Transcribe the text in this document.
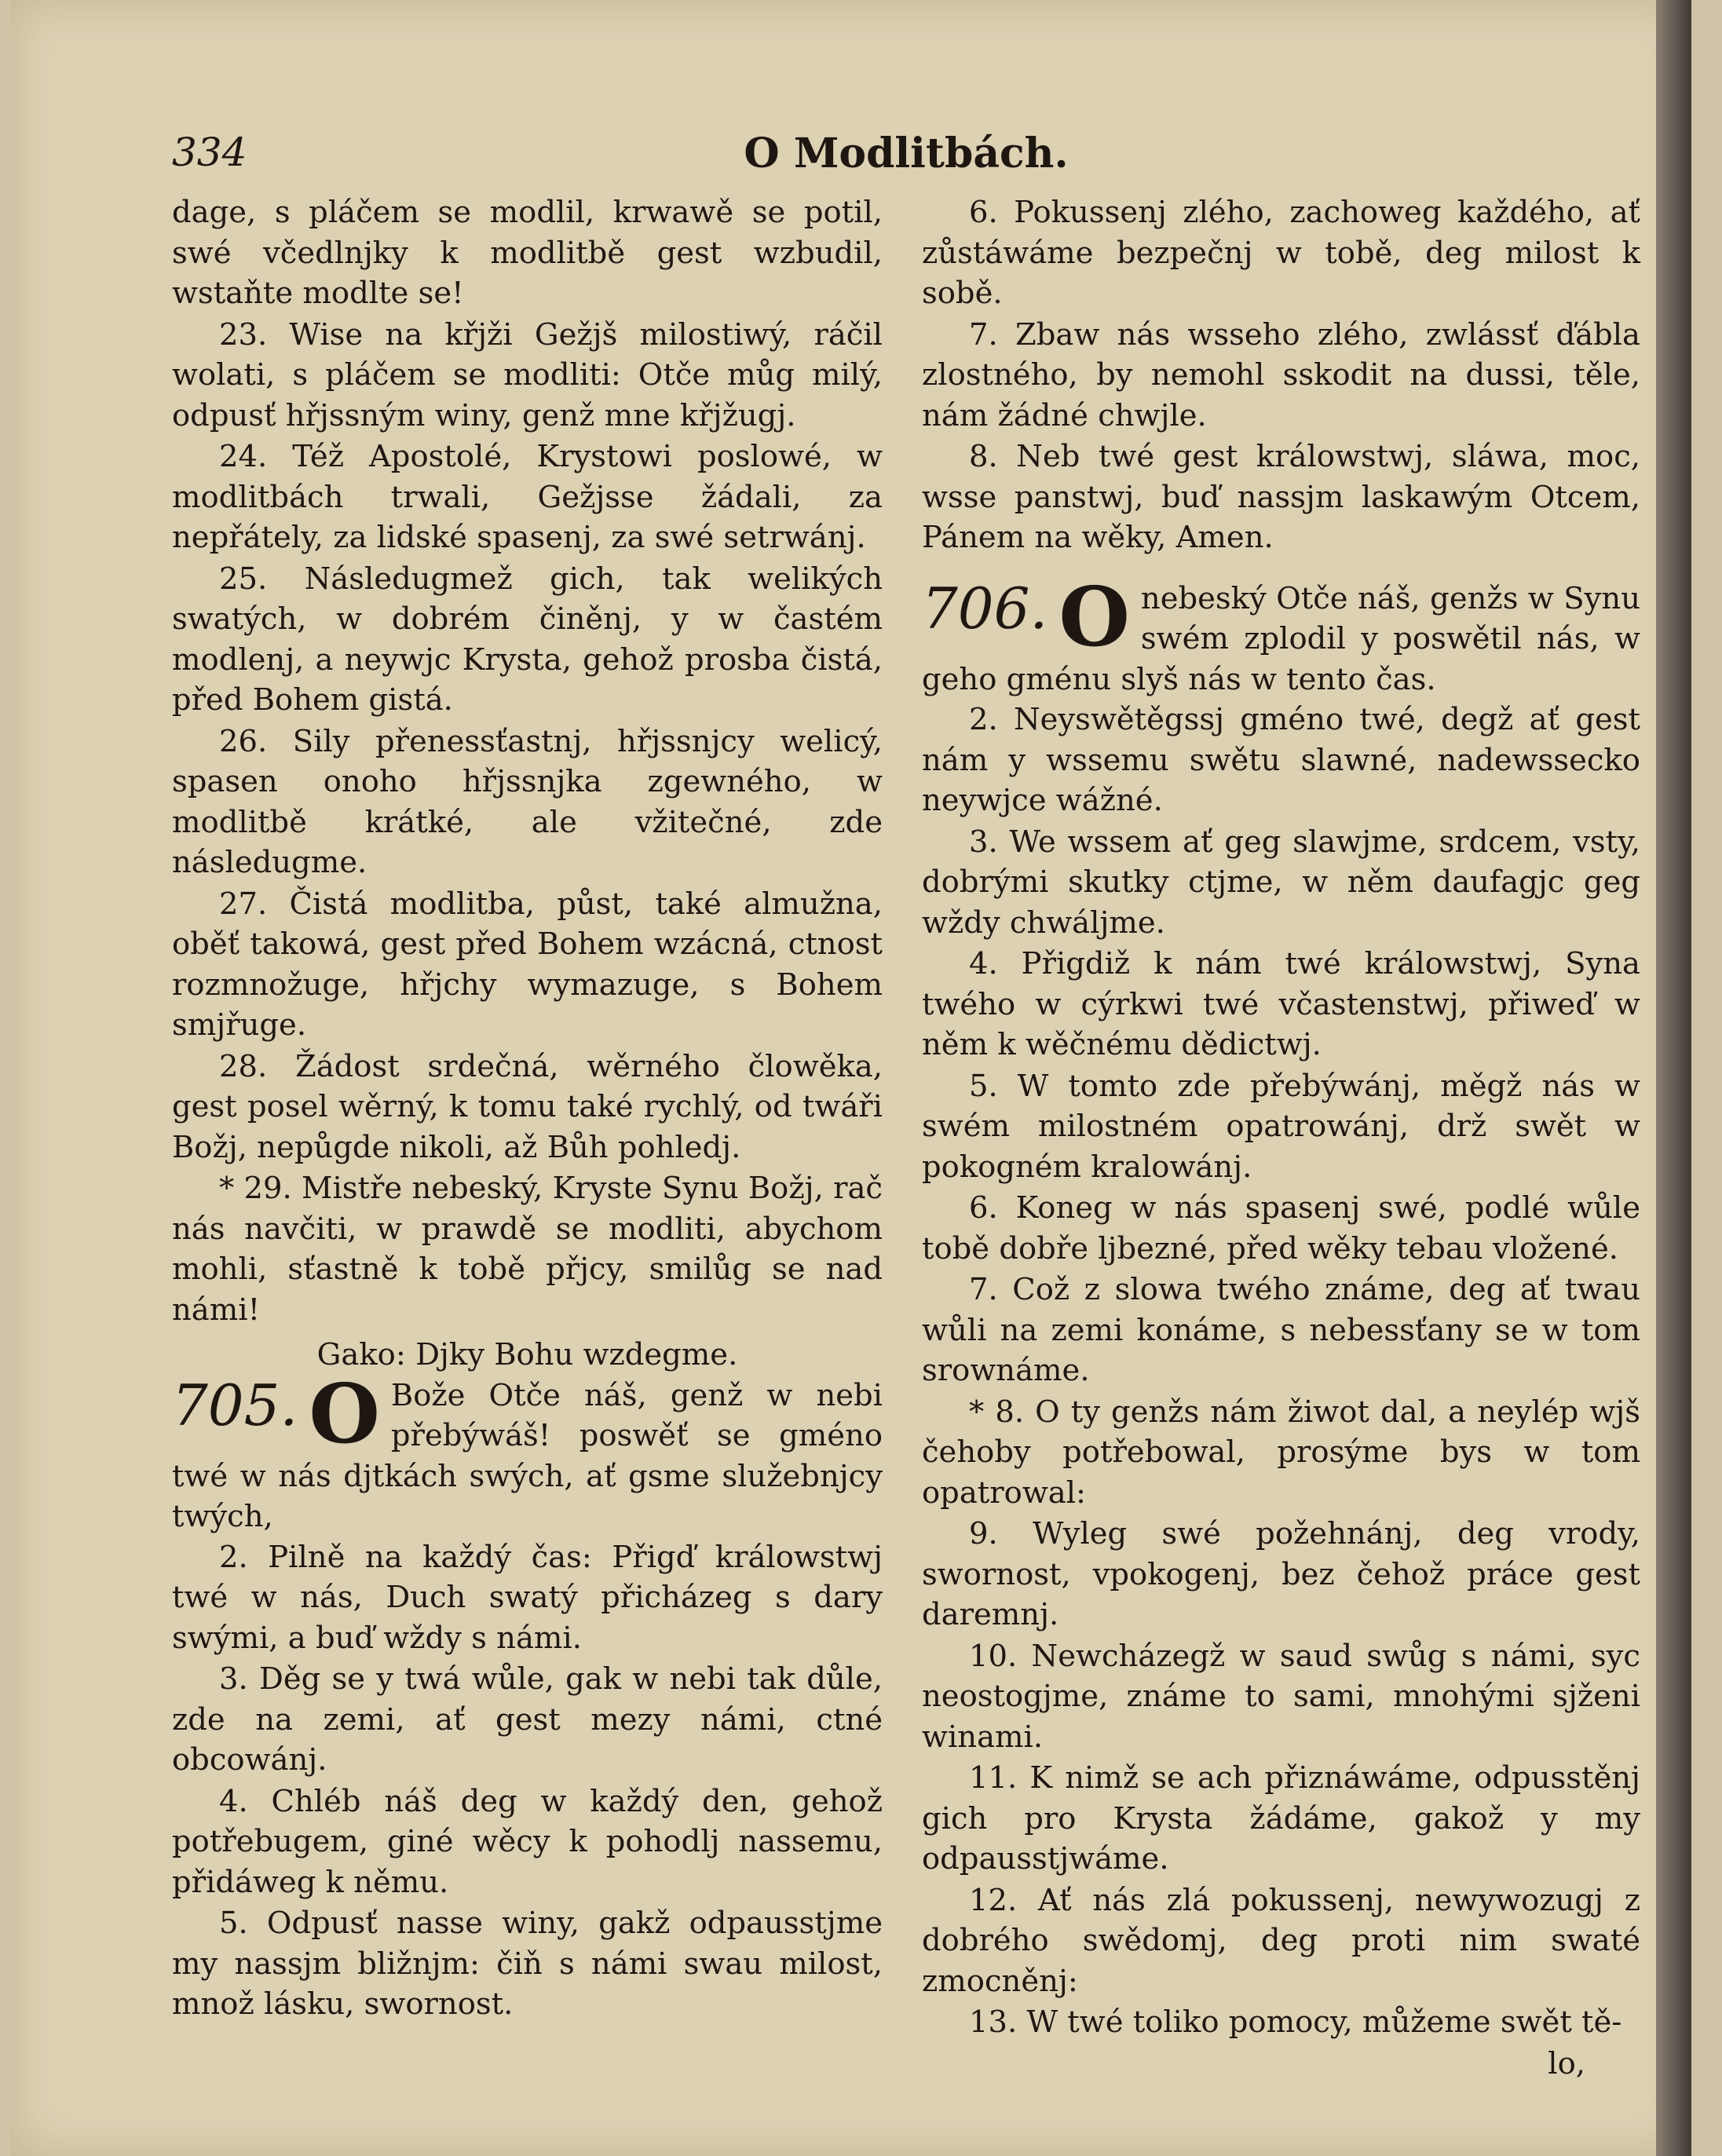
334	O Modlitbách.

dage, s pláčem se modlil, krwawě se potil, swé včedlnjky k modlitbě gest wzbudil, wstaňte modlte se!

23. Wise na křjži Gežjš milostiwý, ráčil wolati, s pláčem se modliti: Otče můg milý, odpusť hřjssným winy, genž mne křjžugj.

24. Též Apostolé, Krystowi poslowé, w modlitbách trwali, Gežjsse žádali, za nepřátely, za lidské spasenj, za swé setrwánj.

25. Následugmež gich, tak welikých swatých, w dobrém činěnj, y w častém modlenj, a neywjc Krysta, gehož prosba čistá, před Bohem gistá.

26. Sily přenessťastnj, hřjssnjcy welicý, spasen onoho hřjssnjka zgewného, w modlitbě krátké, ale vžitečné, zde následugme.

27. Čistá modlitba, půst, také almužna, oběť takowá, gest před Bohem wzácná, ctnost rozmnožuge, hřjchy wymazuge, s Bohem smjřuge.

28. Žádost srdečná, wěrného člowěka, gest posel wěrný, k tomu také rychlý, od twáři Božj, nepůgde nikoli, až Bůh pohledj.

* 29. Mistře nebeský, Kryste Synu Božj, rač nás navčiti, w prawdě se modliti, abychom mohli, sťastně k tobě přjcy, smilůg se nad námi!

Gako: Djky Bohu wzdegme.

705. O Bože Otče náš, genž w nebi přebýwáš! poswěť se gméno twé w nás djtkách swých, ať gsme služebnjcy twých,

2. Pilně na každý čas: Přigď králowstwj twé w nás, Duch swatý přicházeg s dary swými, a buď wždy s námi.

3. Děg se y twá wůle, gak w nebi tak důle, zde na zemi, ať gest mezy námi, ctné obcowánj.

4. Chléb náš deg w každý den, gehož potřebugem, giné wěcy k pohodlj nassemu, přidáweg k němu.

5. Odpusť nasse winy, gakž odpausstjme my nassjm bližnjm: čiň s námi swau milost, množ lásku, swornost.

6. Pokussenj zlého, zachoweg každého, ať zůstáwáme bezpečnj w tobě, deg milost k sobě.

7. Zbaw nás wsseho zlého, zwlássť ďábla zlostného, by nemohl sskodit na dussi, těle, nám žádné chwjle.

8. Neb twé gest králowstwj, sláwa, moc, wsse panstwj, buď nassjm laskawým Otcem, Pánem na wěky, Amen.

706. O nebeský Otče náš, genžs w Synu swém zplodil y poswětil nás, w geho gménu slyš nás w tento čas.

2. Neyswětěgssj gméno twé, degž ať gest nám y wssemu swětu slawné, nadewssecko neywjce wážné.

3. We wssem ať geg slawjme, srdcem, vsty, dobrými skutky ctjme, w něm daufagjc geg wždy chwáljme.

4. Přigdiž k nám twé králowstwj, Syna twého w cýrkwi twé včastenstwj, přiweď w něm k wěčnému dědictwj.

5. W tomto zde přebýwánj, měgž nás w swém milostném opatrowánj, drž swět w pokogném kralowánj.

6. Koneg w nás spasenj swé, podlé wůle tobě dobře ljbezné, před wěky tebau vložené.

7. Což z slowa twého známe, deg ať twau wůli na zemi konáme, s nebessťany se w tom srownáme.

* 8. O ty genžs nám žiwot dal, a neylép wjš čehoby potřebowal, prosýme bys w tom opatrowal:

9. Wyleg swé požehnánj, deg vrody, swornost, vpokogenj, bez čehož práce gest daremnj.

10. Newcházegž w saud swůg s námi, syc neostogjme, známe to sami, mnohými sjženi winami.

11. K nimž se ach přiznáwáme, odpusstěnj gich pro Krysta žádáme, gakož y my odpausstjwáme.

12. Ať nás zlá pokussenj, newywozugj z dobrého swědomj, deg proti nim swaté zmocněnj:

13. W twé toliko pomocy, můžeme swět tě-

lo,
